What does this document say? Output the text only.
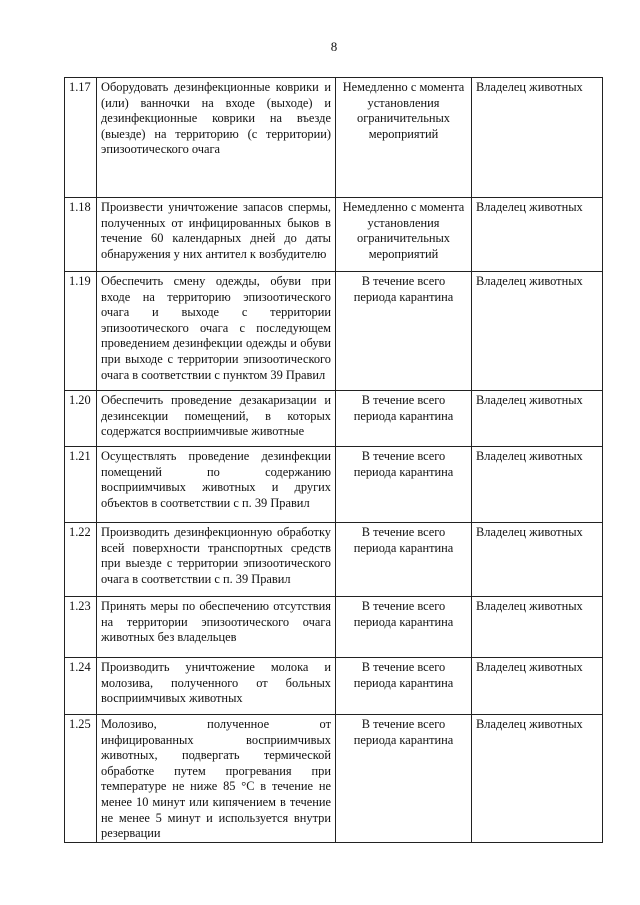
8
1.17	Оборудовать дезинфекционные коврики и (или) ванночки на входе (выходе) и дезинфекционные коврики на въезде (выезде) на территорию (с территории) эпизоотического очага	Немедленно с момента установления ограничительных мероприятий	Владелец животных
1.18	Произвести уничтожение запасов спермы, полученных от инфицированных быков в течение 60 календарных дней до даты обнаружения у них антител к возбудителю	Немедленно с момента установления ограничительных мероприятий	Владелец животных
1.19	Обеспечить смену одежды, обуви при входе на территорию эпизоотического очага и выходе с территории эпизоотического очага с последующем проведением дезинфекции одежды и обуви при выходе с территории эпизоотического очага в соответствии с пунктом 39 Правил	В течение всего периода карантина	Владелец животных
1.20	Обеспечить проведение дезакаризации и дезинсекции помещений, в которых содержатся восприимчивые животные	В течение всего периода карантина	Владелец животных
1.21	Осуществлять проведение дезинфекции помещений по содержанию восприимчивых животных и других объектов в соответствии с п. 39 Правил	В течение всего периода карантина	Владелец животных
1.22	Производить дезинфекционную обработку всей поверхности транспортных средств при выезде с территории эпизоотического очага в соответствии с п. 39 Правил	В течение всего периода карантина	Владелец животных
1.23	Принять меры по обеспечению отсутствия на территории эпизоотического очага животных без владельцев	В течение всего периода карантина	Владелец животных
1.24	Производить уничтожение молока и молозива, полученного от больных восприимчивых животных	В течение всего периода карантина	Владелец животных
1.25	Молозиво, полученное от инфицированных восприимчивых животных, подвергать термической обработке путем прогревания при температуре не ниже 85 °С в течение не менее 10 минут или кипячением в течение не менее 5 минут и используется внутри резервации	В течение всего периода карантина	Владелец животных
